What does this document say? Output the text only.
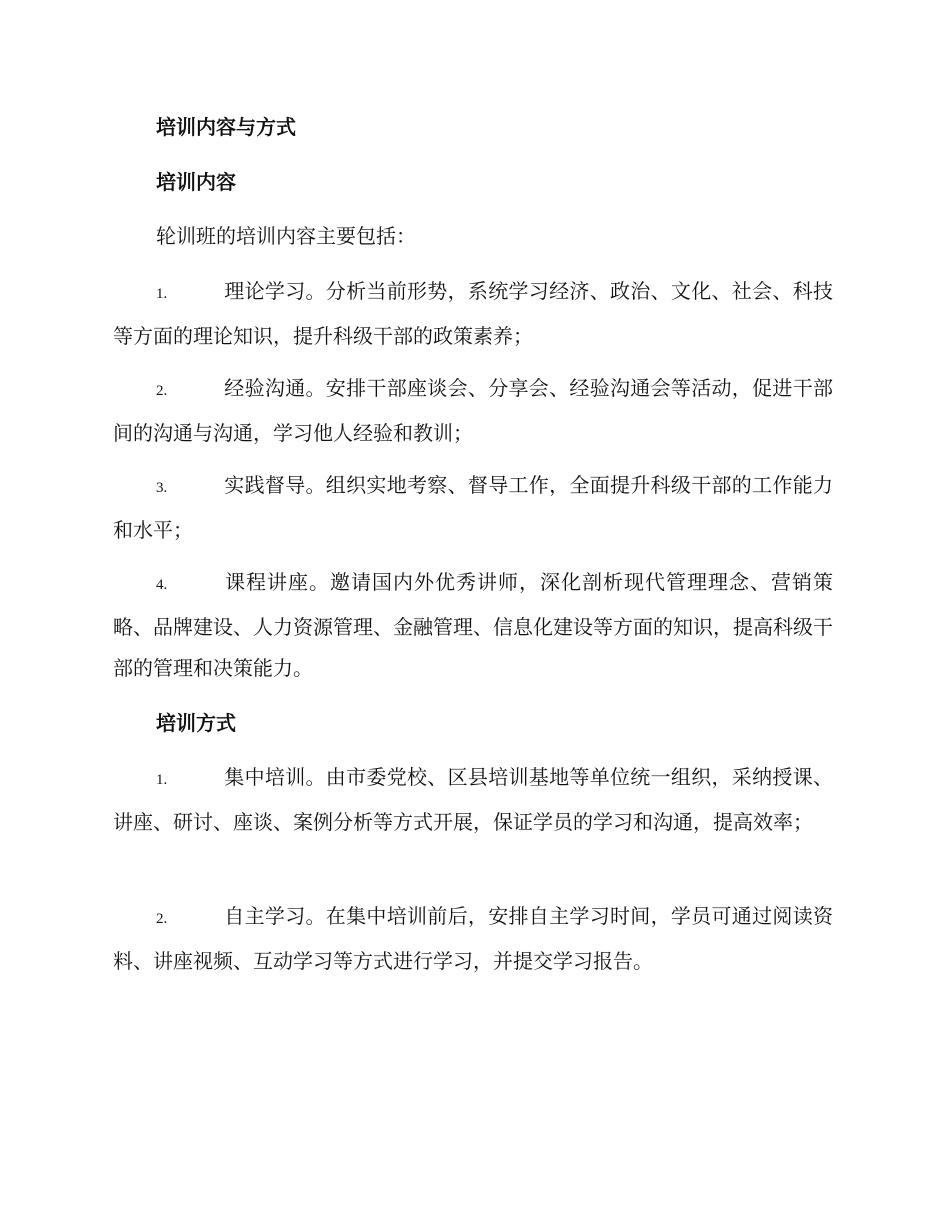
培训内容与方式
培训内容

轮训班的培训内容主要包括：

1.	理论学习。分析当前形势，系统学习经济、政治、文化、社会、科技等方面的理论知识，提升科级干部的政策素养；

2.	经验沟通。安排干部座谈会、分享会、经验沟通会等活动，促进干部间的沟通与沟通，学习他人经验和教训；

3.	实践督导。组织实地考察、督导工作，全面提升科级干部的工作能力和水平；

4.	课程讲座。邀请国内外优秀讲师，深化剖析现代管理理念、营销策略、品牌建设、人力资源管理、金融管理、信息化建设等方面的知识，提高科级干部的管理和决策能力。

培训方式

1.	集中培训。由市委党校、区县培训基地等单位统一组织，采纳授课、讲座、研讨、座谈、案例分析等方式开展，保证学员的学习和沟通，提高效率；

2.	自主学习。在集中培训前后，安排自主学习时间，学员可通过阅读资料、讲座视频、互动学习等方式进行学习，并提交学习报告。
